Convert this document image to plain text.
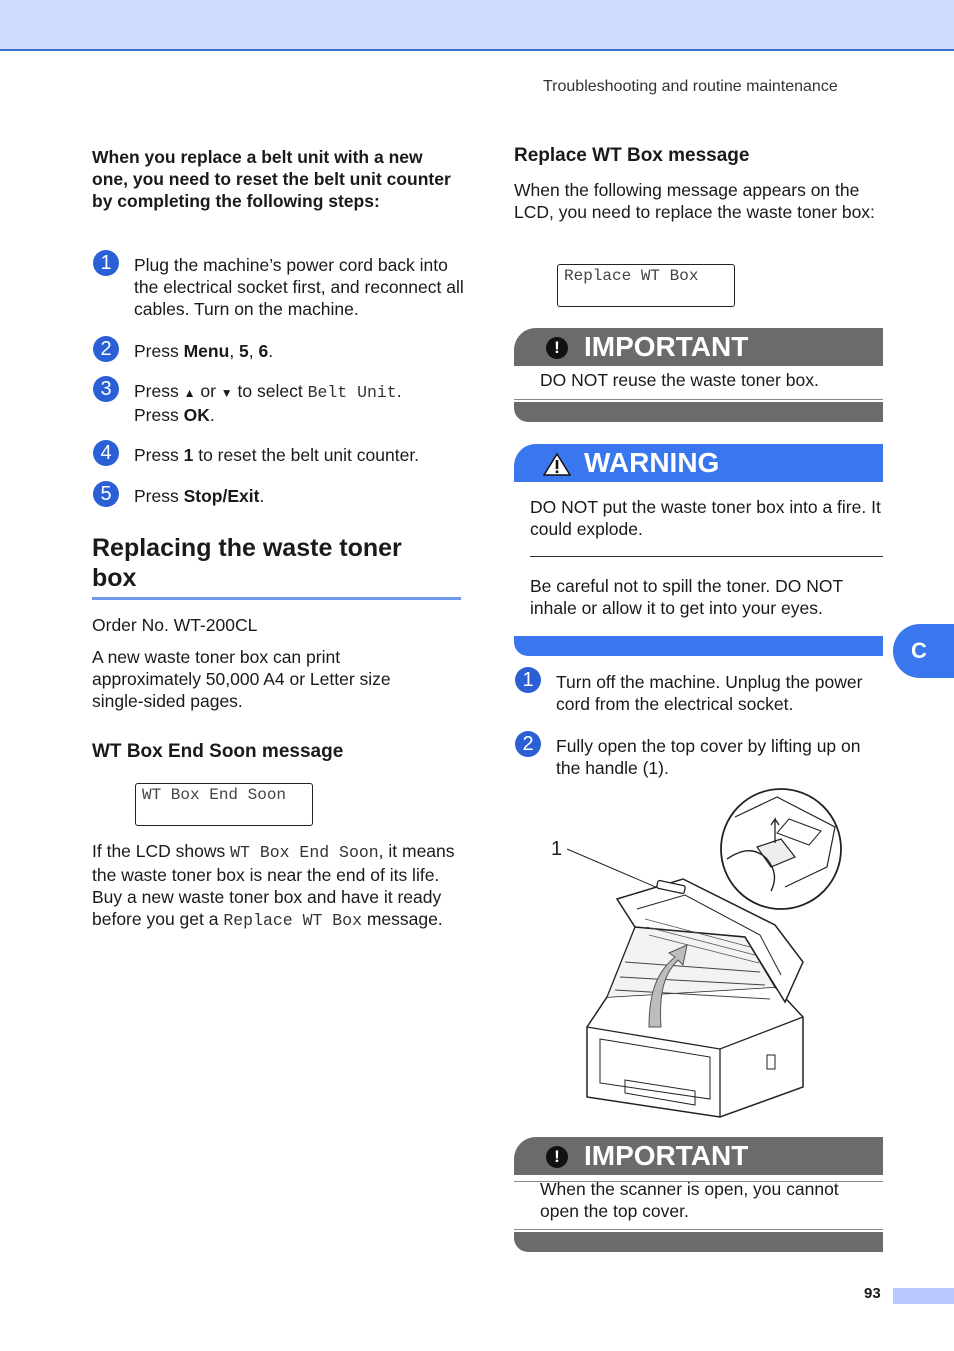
Troubleshooting and routine maintenance
When you replace a belt unit with a new one, you need to reset the belt unit counter by completing the following steps:
1	Plug the machine’s power cord back into the electrical socket first, and reconnect all cables. Turn on the machine.
2	Press Menu, 5, 6.
3	Press ▲ or ▼ to select Belt Unit.
Press OK.
4	Press 1 to reset the belt unit counter.
5	Press Stop/Exit.
Replacing the waste toner
box
Order No. WT-200CL
A new waste toner box can print approximately 50,000 A4 or Letter size single-sided pages.
WT Box End Soon message
WT Box End Soon
If the LCD shows WT Box End Soon, it means the waste toner box is near the end of its life. Buy a new waste toner box and have it ready before you get a Replace WT Box message.
Replace WT Box message
When the following message appears on the LCD, you need to replace the waste toner box:
Replace WT Box
! IMPORTANT
DO NOT reuse the waste toner box.
WARNING
DO NOT put the waste toner box into a fire. It could explode.
Be careful not to spill the toner. DO NOT inhale or allow it to get into your eyes.
1	Turn off the machine. Unplug the power cord from the electrical socket.
2	Fully open the top cover by lifting up on the handle (1).
1
! IMPORTANT
When the scanner is open, you cannot open the top cover.
C
93
